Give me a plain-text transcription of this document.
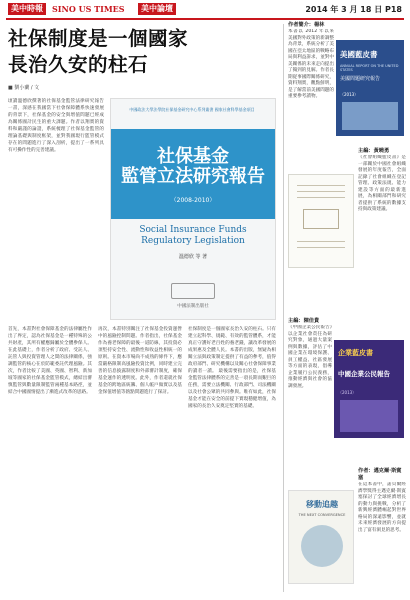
美中時報	SINO US TIMES	美中論壇	2014 年 3 月 18 日 P18
社保制度是一個國家
長治久安的柱石
■ 劉小蘭 / 文
頃讀溫德欣撰著的社保基金監管法律研究報告一書，深感在我國當下社會保障體系快速發展的背景下，社保基金的安全與增值問題已經成為關係國計民生的重大課題。作者以翔實的資料和嚴謹的論證，系統梳理了社保基金監管的理論基礎與制度框架，並對我國現行監管模式存在的問題進行了深入剖析，提出了一系列具有可操作性的完善建議。
中國政法大學法學院社保基金研究中心系列叢書 國家社會科學基金項目
社保基金
監管立法研究報告
（2008-2010）
Social Insurance Funds Regulatory Legislation
溫德欣 等 著
中國法制出版社
首先，本書對社會保障基金的法律屬性作出了界定，認為社保基金是一種特殊的公共財產，其所有權應歸屬於全體參保人。在此基礎上，作者分析了政府、受託人、託管人與投資管理人之間的法律關係，強調監管的核心在於防範委託代理風險。其次，作者比較了美國、英國、智利、新加坡等國家的社保基金監管模式，總結出審慎監管與數量限制監管兩種基本路徑，並結合中國國情提出了漸進式改革的思路。
再次，本書特別關注了社保基金投資運營中的風險控制問題。作者指出，社保基金作為養老保障的最後一道防線，其投資必須堅持安全性、流動性和收益性相統一的原則。在資本市場尚不成熟的條件下，應當嚴格限制高風險投資比例，同時建立完善的信息披露制度和外部審計制度，確保基金運作的透明度。此外，作者還就社保基金的跨地區統籌、個人帳戶做實以及基金保值增值等熱點問題進行了探討。
社保制度是一個國家長治久安的柱石。只有建立起科學、規範、有效的監管體系，才能真正守護好老百姓的養老錢，讓改革發展的成果惠及全體人民。本書的出版，無疑為相關立法與政策制定提供了有益的參考，值得政府部門、研究機構以及關心社會保障事業的讀者一讀。 最後需要指出的是，社保基金監管法律體系的完善是一項長期而艱巨的任務，需要立法機關、行政部門、司法機關以及社會公眾的共同參與。唯有如此，社保基金才能在安全的前提下實現穩健增值，為國家的長治久安奠定堅實的基礎。
作者簡介：楊林
本書以 2012 年以來美國對外政策的新調整為背景，系統分析了美國在亞太地區的戰略布局與利益訴求，並對中美關係的未來走向提出了獨到的見解。作者長期從事國際關係研究，資料翔實，觀點鮮明，是了解當前美國問題的重要參考讀物。
美國藍皮書
ANNUAL REPORT ON THE UNITED STATES
美國問題研究報告
（2013）
主編：黃曉勇
《社會組織藍皮書》是一部關於中國社會組織發展的年度報告，全面記錄了社會組織在登記管理、政策法規、能力建設等方面的最新進展，為相關部門和研究者提供了系統的數據支持與政策建議。
主編：陳佳貴
《中國企業公民報告》以企業社會責任為研究對象，通過大量案例與數據，評估了中國企業在環境保護、員工權益、社區發展等方面的表現，倡導企業履行公民義務，推動經濟與社會的協調發展。
企業藍皮書
中國企業公民報告
（2013）
作者：邁克爾·斯賓塞
在這本書中，諾貝爾經濟學獎得主邁克爾·斯賓塞探討了全球經濟增長的動力與挑戰，分析了新興經濟體崛起對世界格局的深遠影響，並就未來經濟發展的方向提出了富有洞見的思考。
移動追趣
THE NEXT CONVERGENCE
